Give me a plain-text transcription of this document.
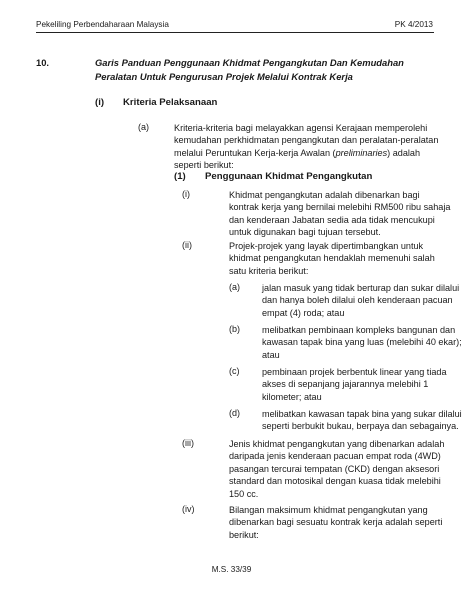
Pekeliling Perbendaharaan Malaysia	PK 4/2013
10.	Garis Panduan Penggunaan Khidmat Pengangkutan Dan Kemudahan
Peralatan Untuk Pengurusan Projek Melalui Kontrak Kerja
(i) Kriteria Pelaksanaan
(a)	Kriteria-kriteria bagi melayakkan agensi Kerajaan memperolehi
kemudahan perkhidmatan pengangkutan dan peralatan-peralatan
melalui Peruntukan Kerja-kerja Awalan (preliminaries) adalah
seperti berikut:
(1) Penggunaan Khidmat Pengangkutan
(i)	Khidmat pengangkutan adalah dibenarkan bagi
kontrak kerja yang bernilai melebihi RM500 ribu sahaja
dan kenderaan Jabatan sedia ada tidak mencukupi
untuk digunakan bagi tujuan tersebut.
(ii)	Projek-projek yang layak dipertimbangkan untuk
khidmat pengangkutan hendaklah memenuhi salah
satu kriteria berikut:
(a) jalan masuk yang tidak berturap dan sukar dilalui
dan hanya boleh dilalui oleh kenderaan pacuan
empat (4) roda; atau
(b) melibatkan pembinaan kompleks bangunan dan
kawasan tapak bina yang luas (melebihi 40 ekar);
atau
(c) pembinaan projek berbentuk linear yang tiada
akses di sepanjang jajarannya melebihi 1
kilometer; atau
(d) melibatkan kawasan tapak bina yang sukar dilalui
seperti berbukit bukau, berpaya dan sebagainya.
(iii)	Jenis khidmat pengangkutan yang dibenarkan adalah
daripada jenis kenderaan pacuan empat roda (4WD)
pasangan tercurai tempatan (CKD) dengan aksesori
standard dan motosikal dengan kuasa tidak melebihi
150 cc.
(iv)	Bilangan maksimum khidmat pengangkutan yang
dibenarkan bagi sesuatu kontrak kerja adalah seperti
berikut:
M.S. 33/39
